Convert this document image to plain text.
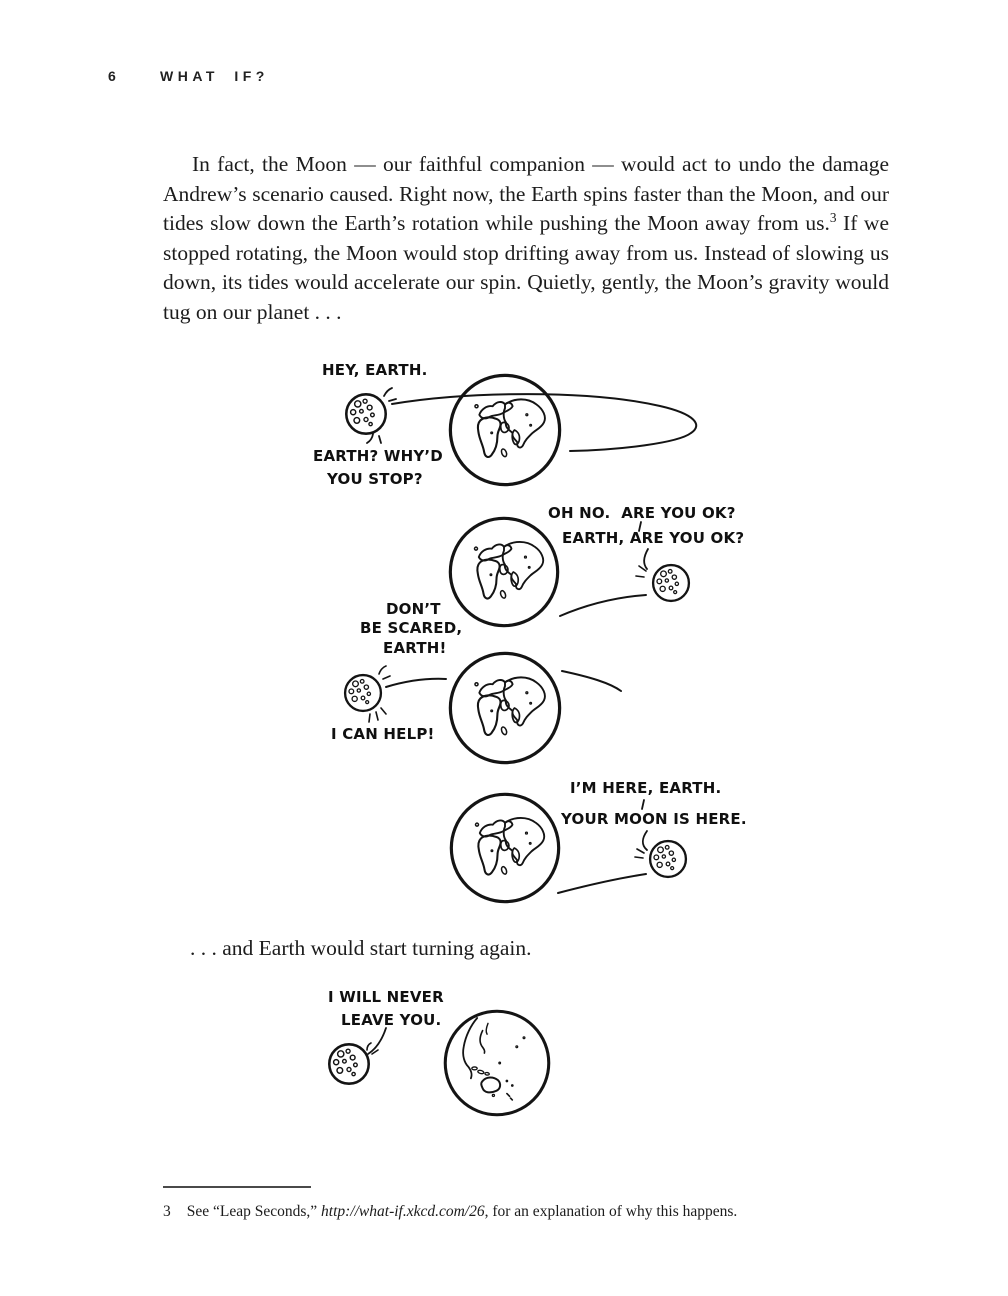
6	WHAT IF?

In fact, the Moon — our faithful companion — would act to undo the damage Andrew’s scenario caused. Right now, the Earth spins faster than the Moon, and our tides slow down the Earth’s rotation while pushing the Moon away from us.$^3$ If we stopped rotating, the Moon would stop drifting away from us. Instead of slowing us down, its tides would accelerate our spin. Quietly, gently, the Moon’s gravity would tug on our planet . . .

HEY, EARTH.
EARTH? WHY’D
YOU STOP?
OH NO.  ARE YOU OK?
EARTH, ARE YOU OK?
DON’T
BE SCARED,
EARTH!
I CAN HELP!
I’M HERE, EARTH.
YOUR MOON IS HERE.
. . . and Earth would start turning again.
I WILL NEVER
LEAVE YOU.
3 See “Leap Seconds,” http://what-if.xkcd.com/26, for an explanation of why this happens.
